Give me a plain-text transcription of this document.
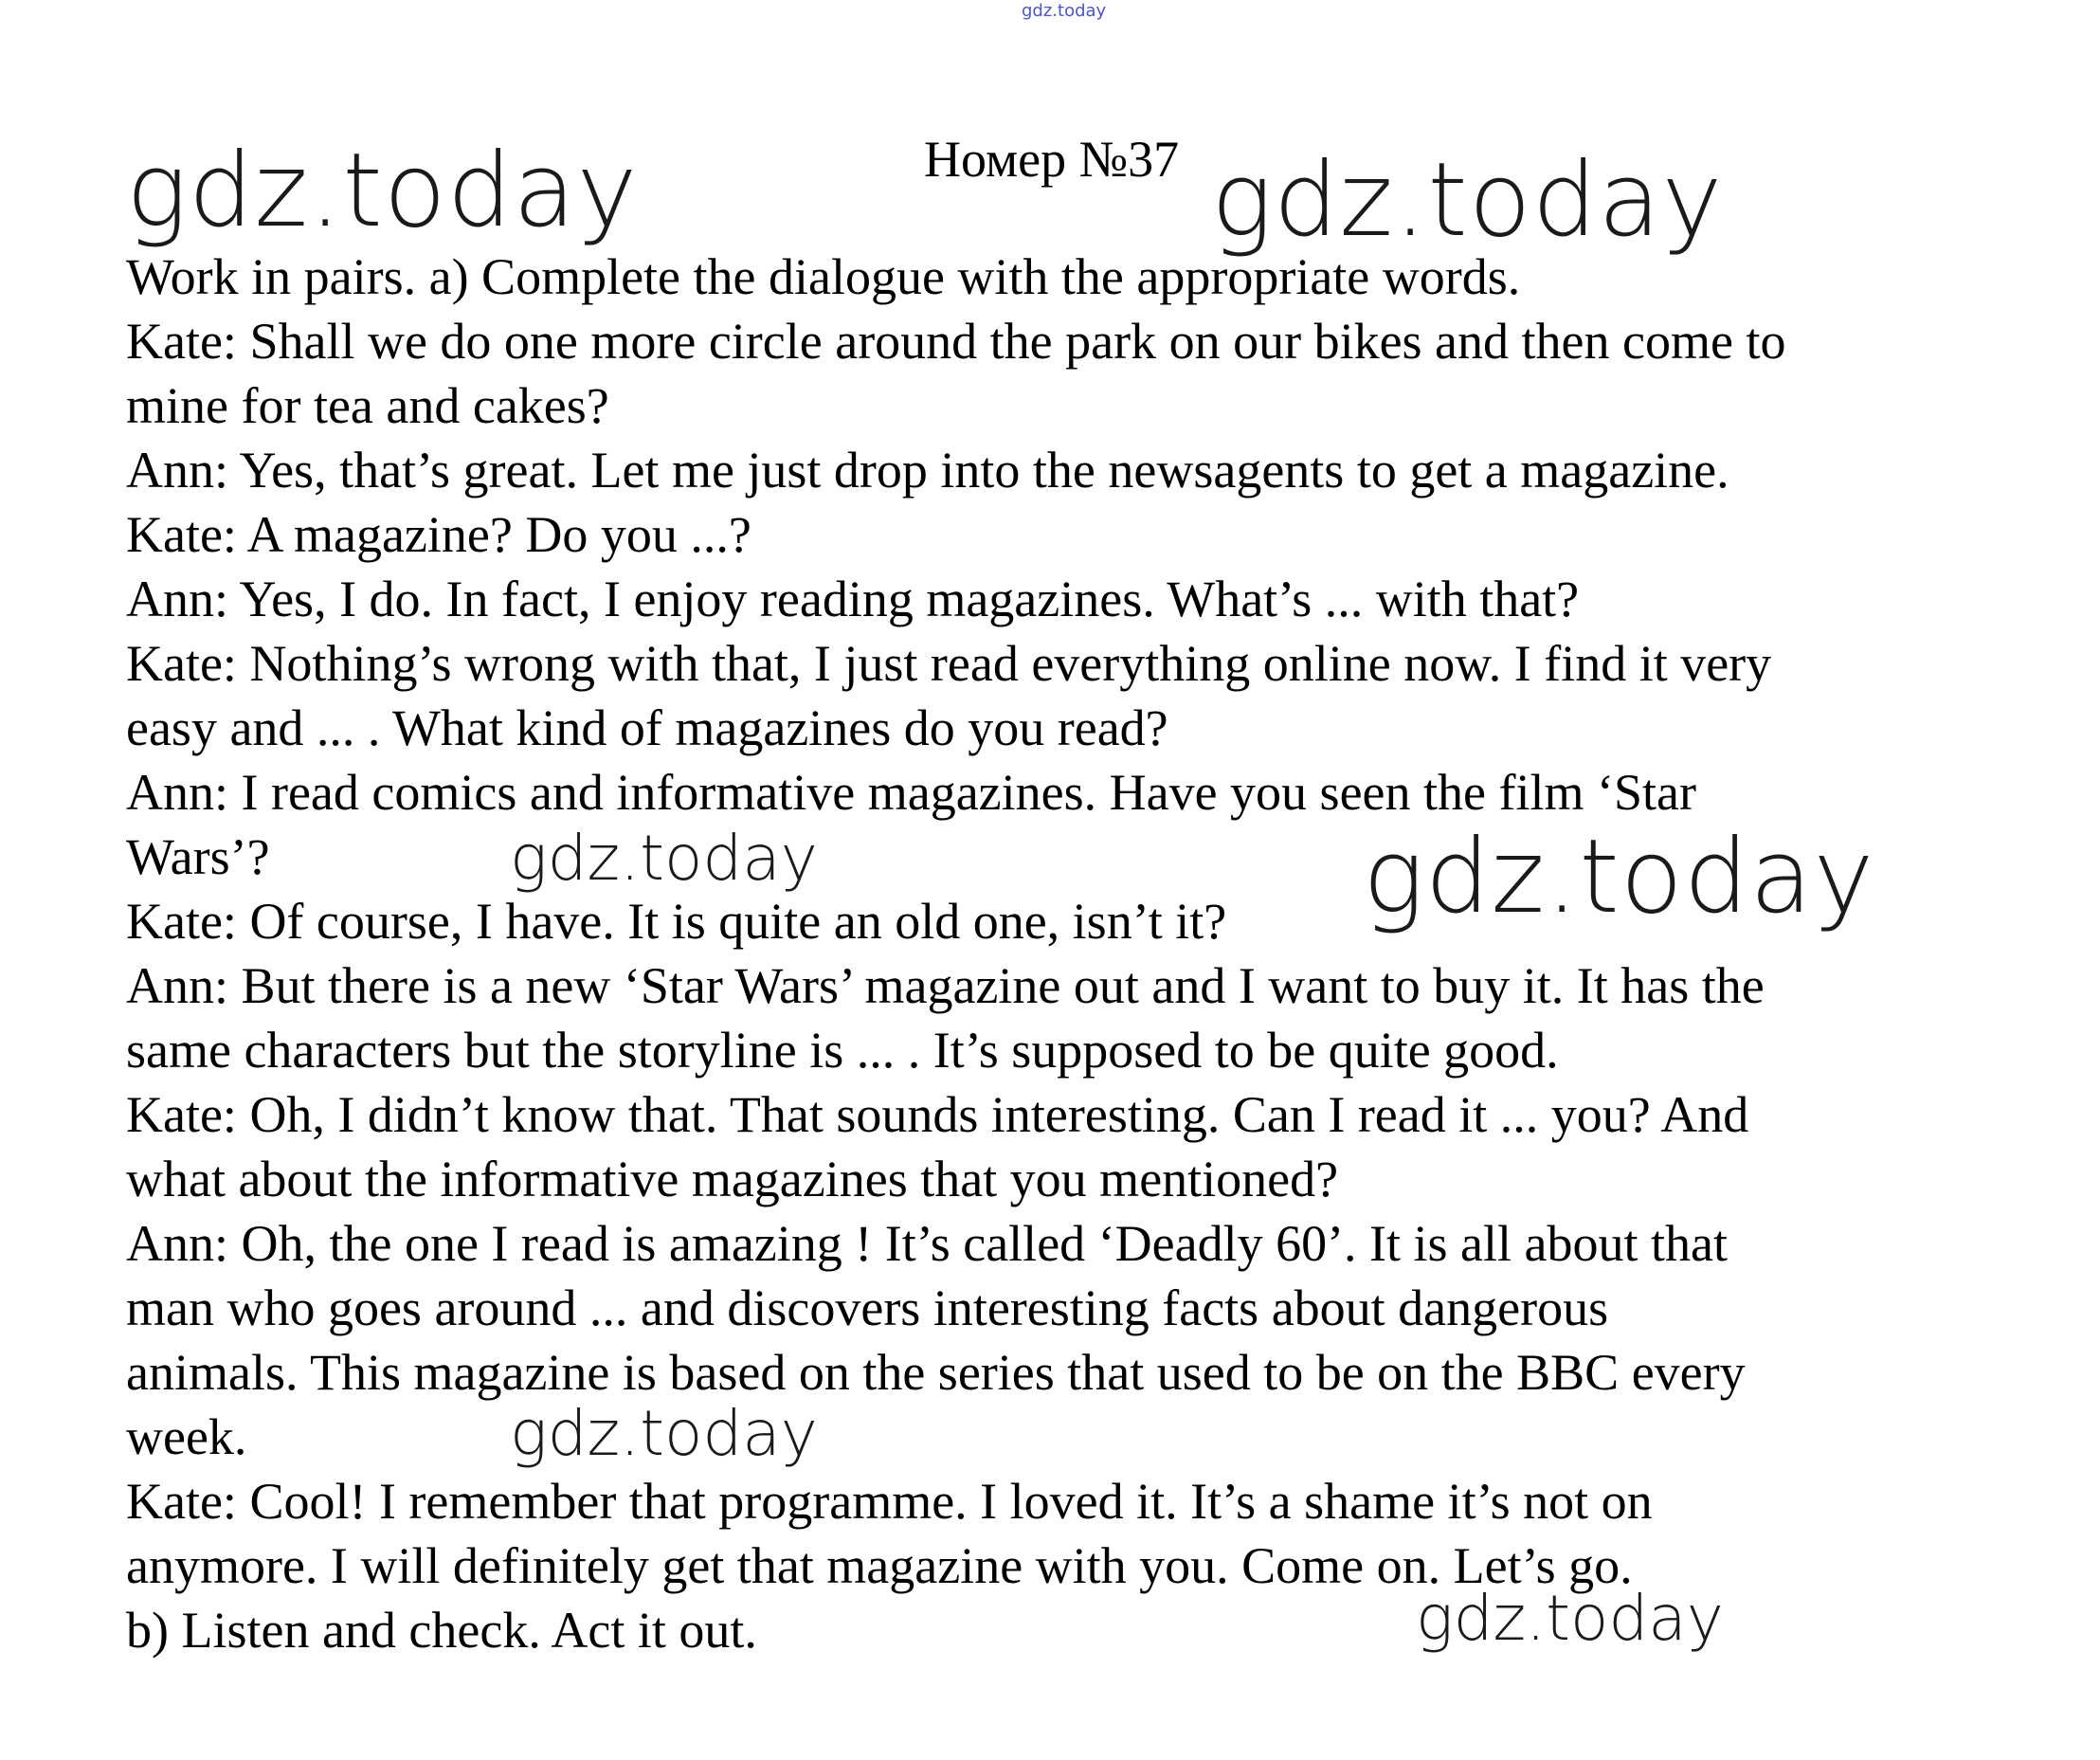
gdz.today
Номер №37
gdz.today	gdz.today
Work in pairs. a) Complete the dialogue with the appropriate words.
Kate: Shall we do one more circle around the park on our bikes and then come to
mine for tea and cakes?
Ann: Yes, that’s great. Let me just drop into the newsagents to get a magazine.
Kate: A magazine? Do you ...?
Ann: Yes, I do. In fact, I enjoy reading magazines. What’s ... with that?
Kate: Nothing’s wrong with that, I just read everything online now. I find it very
easy and ... . What kind of magazines do you read?
Ann: I read comics and informative magazines. Have you seen the film ‘Star
Wars’?
Kate: Of course, I have. It is quite an old one, isn’t it?
Ann: But there is a new ‘Star Wars’ magazine out and I want to buy it. It has the
same characters but the storyline is ... . It’s supposed to be quite good.
Kate: Oh, I didn’t know that. That sounds interesting. Can I read it ... you? And
what about the informative magazines that you mentioned?
Ann: Oh, the one I read is amazing ! It’s called ‘Deadly 60’. It is all about that
man who goes around ... and discovers interesting facts about dangerous
animals. This magazine is based on the series that used to be on the BBC every
week.
Kate: Cool! I remember that programme. I loved it. It’s a shame it’s not on
anymore. I will definitely get that magazine with you. Come on. Let’s go.
b) Listen and check. Act it out.
gdz.today	gdz.today
gdz.today
gdz.today
